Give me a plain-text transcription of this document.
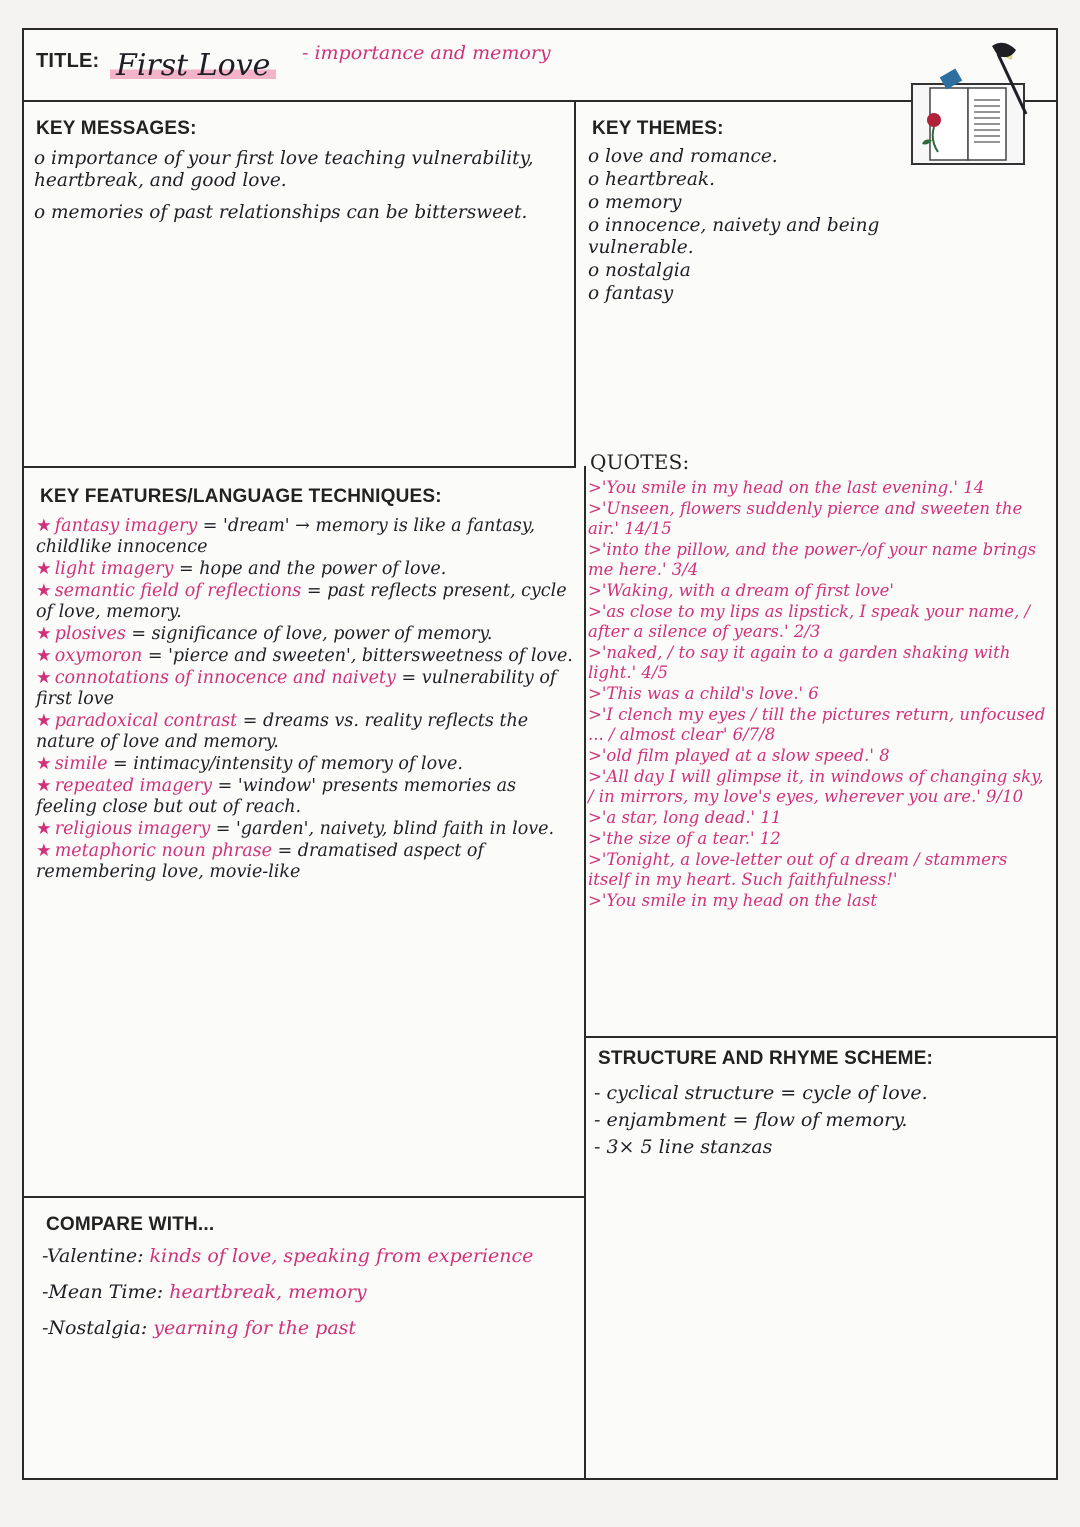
TITLE: First Love	- importance and memory
KEY MESSAGES:
o importance of your first love teaching vulnerability, heartbreak, and good love.
o memories of past relationships can be bittersweet.
KEY THEMES:
o love and romance.
o heartbreak.
o memory
o innocence, naivety and being vulnerable.
o nostalgia
o fantasy
KEY FEATURES/LANGUAGE TECHNIQUES:
★ fantasy imagery = 'dream' → memory is like a fantasy, childlike innocence
★ light imagery = hope and the power of love.
★ semantic field of reflections = past reflects present, cycle of love, memory.
★ plosives = significance of love, power of memory.
★ oxymoron = 'pierce and sweeten', bittersweetness of love.
★ connotations of innocence and naivety = vulnerability of first love
★ paradoxical contrast = dreams vs. reality reflects the nature of love and memory.
★ simile = intimacy/intensity of memory of love.
★ repeated imagery = 'window' presents memories as feeling close but out of reach.
★ religious imagery = 'garden', naivety, blind faith in love.
★ metaphoric noun phrase = dramatised aspect of remembering love, movie-like
QUOTES:
>'You smile in my head on the last evening.' 14
>'Unseen, flowers suddenly pierce and sweeten the air.' 14/15
>'into the pillow, and the power-/of your name brings me here.' 3/4
>'Waking, with a dream of first love'
>'as close to my lips as lipstick, I speak your name, / after a silence of years.' 2/3
>'naked, / to say it again to a garden shaking with light.' 4/5
>'This was a child's love.' 6
>'I clench my eyes / till the pictures return, unfocused ... / almost clear' 6/7/8
>'old film played at a slow speed.' 8
>'All day I will glimpse it, in windows of changing sky, / in mirrors, my love's eyes, wherever you are.' 9/10
>'a star, long dead.' 11
>'the size of a tear.' 12
>'Tonight, a love-letter out of a dream / stammers itself in my heart. Such faithfulness!'
>'You smile in my head on the last
STRUCTURE AND RHYME SCHEME:
- cyclical structure = cycle of love.
- enjambment = flow of memory.
- 3× 5 line stanzas
COMPARE WITH...
-Valentine: kinds of love, speaking from experience
-Mean Time: heartbreak, memory
-Nostalgia: yearning for the past
